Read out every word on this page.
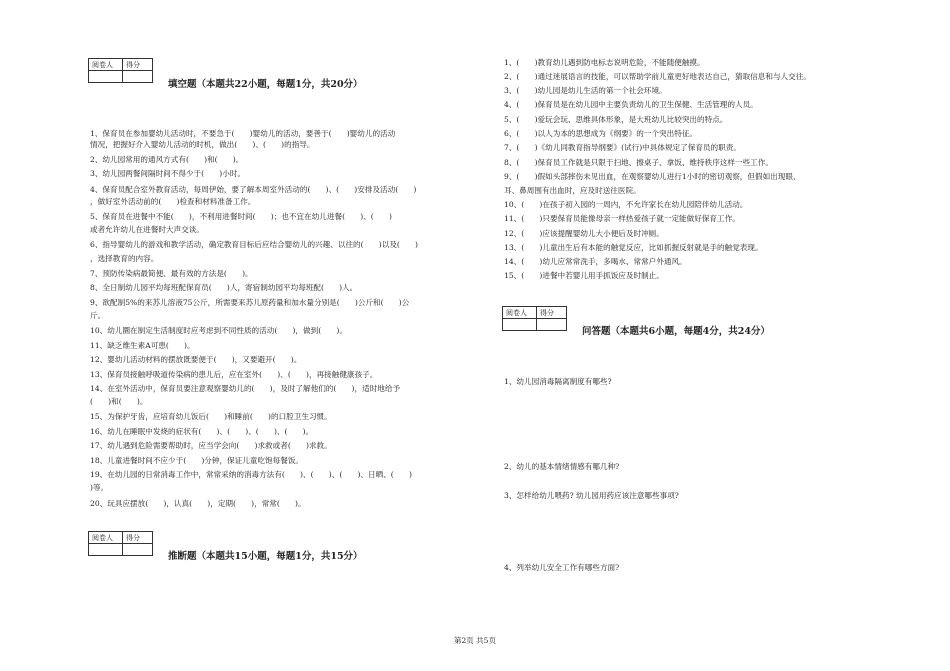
阅卷人	得分

填空题（本题共22小题，每题1分，共20分）
1、保育员在参加婴幼儿活动时，不要急于(　　)婴幼儿的活动，要善于(　　)婴幼儿的活动
情况，把握好介入婴幼儿活动的时机，做出(　　)、(　　)的指导。
2、幼儿园常用的通风方式有(　　)和(　　)。
3、幼儿园两餐间隔时间不得少于(　　)小时。
4、保育员配合室外教育活动，每周伊始，要了解本周室外活动的(　　)、(　　)安排及活动(　　)
，做好室外活动前的(　　)检查和材料准备工作。
5、保育员在进餐中不能(　　)，不利用进餐时间(　　)；也不宜在幼儿进餐(　　)、(　　)
或者允许幼儿在进餐时大声交谈。
6、指导婴幼儿的游戏和教学活动，确定教育目标后应结合婴幼儿的兴趣、以往的(　　)以及(　　)
，选择教育的内容。
7、预防传染病最简便、最有效的方法是(　　)。
8、全日制幼儿园平均每班配保育员(　　)人，寄宿制幼园平均每班配(　　)人。
9、欲配制5%的来苏儿溶液75公斤，所需要来苏儿原药量和加水量分别是(　　)公斤和(　　)公
斤。
10、幼儿圜在制定生活制度时应考虑到不同性质的活动(　　)，做到(　　)。
11、缺乏维生素A可患(　　)。
12、婴幼儿活动材料的摆放既要便于(　　)，又要避开(　　)。
13、保育员接触呼吸道传染病的患儿后，应在室外(　　)、(　　)，再接触健康孩子。
14、在室外活动中，保育员要注意观察婴幼儿的(　　)，及时了解他们的(　　)，适时地给予
(　　)和(　　)。
15、为保护牙齿，应培育幼儿饭后(　　)和睡前(　　)的口腔卫生习惯。
16、幼儿在睡眠中发烧的症状有(　　)、(　　)、(　　)、(　　)。
17、幼儿遇到危险需要帮助时，应当学会向(　　)求救或者(　　)求救。
18、儿童进餐时间不应少于(　　)分钟，保证儿童吃饱每餐饭。
19、在幼儿园的日常消毒工作中，常常采纳的消毒方法有(　　)、(　　)、(　　)、日晒、(　　)
)等。
20、玩具应摆放(　　)，认真(　　)，定期(　　)，常常(　　)。
阅卷人	得分

推断题（本题共15小题，每题1分，共15分）
1、(　　)教育幼儿遇到防电标志说明危险，不能随便触摸。
2、(　　)通过迷展语言的技能，可以帮助学前儿童更好地表达自己，猜取信息和与人交往。
3、(　　)幼儿园是幼儿生活的第一个社会环境。
4、(　　)保育员是在幼儿园中主要负责幼儿的卫生保健、生活管理的人员。
5、(　　)爱玩会玩、思维具体形象，是大班幼儿比较突出的特点。
6、(　　)以人为本的思想成为《纲要》的一个突出特征。
7、(　　)《幼儿同教育指导纲要》(试行)中具体规定了保育员的职责。
8、(　　)保育员工作就是只限于扫地、擦桌子、拿饭、维持秩序这样一些工作。
9、(　　)假如头部摔伤未见出血，在观察婴幼儿进行1小时的密切观察，但假如出现眼、
耳、鼻周围有出血时，应及时送往医院。
10、(　　)在孩子初入园的一周内，不允许家长在幼儿园陪伴幼儿活动。
11、(　　)只要保育员能像母亲一样热爱孩子就一定能做好保育工作。
12、(　　)应该提醒婴幼儿大小便后及时冲厕。
13、(　　)儿童出生后有本能的触觉反应，比如抓握反射就是手的触觉表现。
14、(　　)幼儿应常常洗手，多喝水、常常户外通风。
15、(　　)进餐中若婴儿用手抓饭应及时制止。
阅卷人	得分

问答题（本题共6小题，每题4分，共24分）
1、幼儿园消毒隔离制度有哪些?
2、幼儿的基本情绪情感有哪几种?
3、怎样给幼儿喂药? 幼儿园用药应该注意哪些事项?
4、列举幼儿安全工作有哪些方面?
第2页 共5页
